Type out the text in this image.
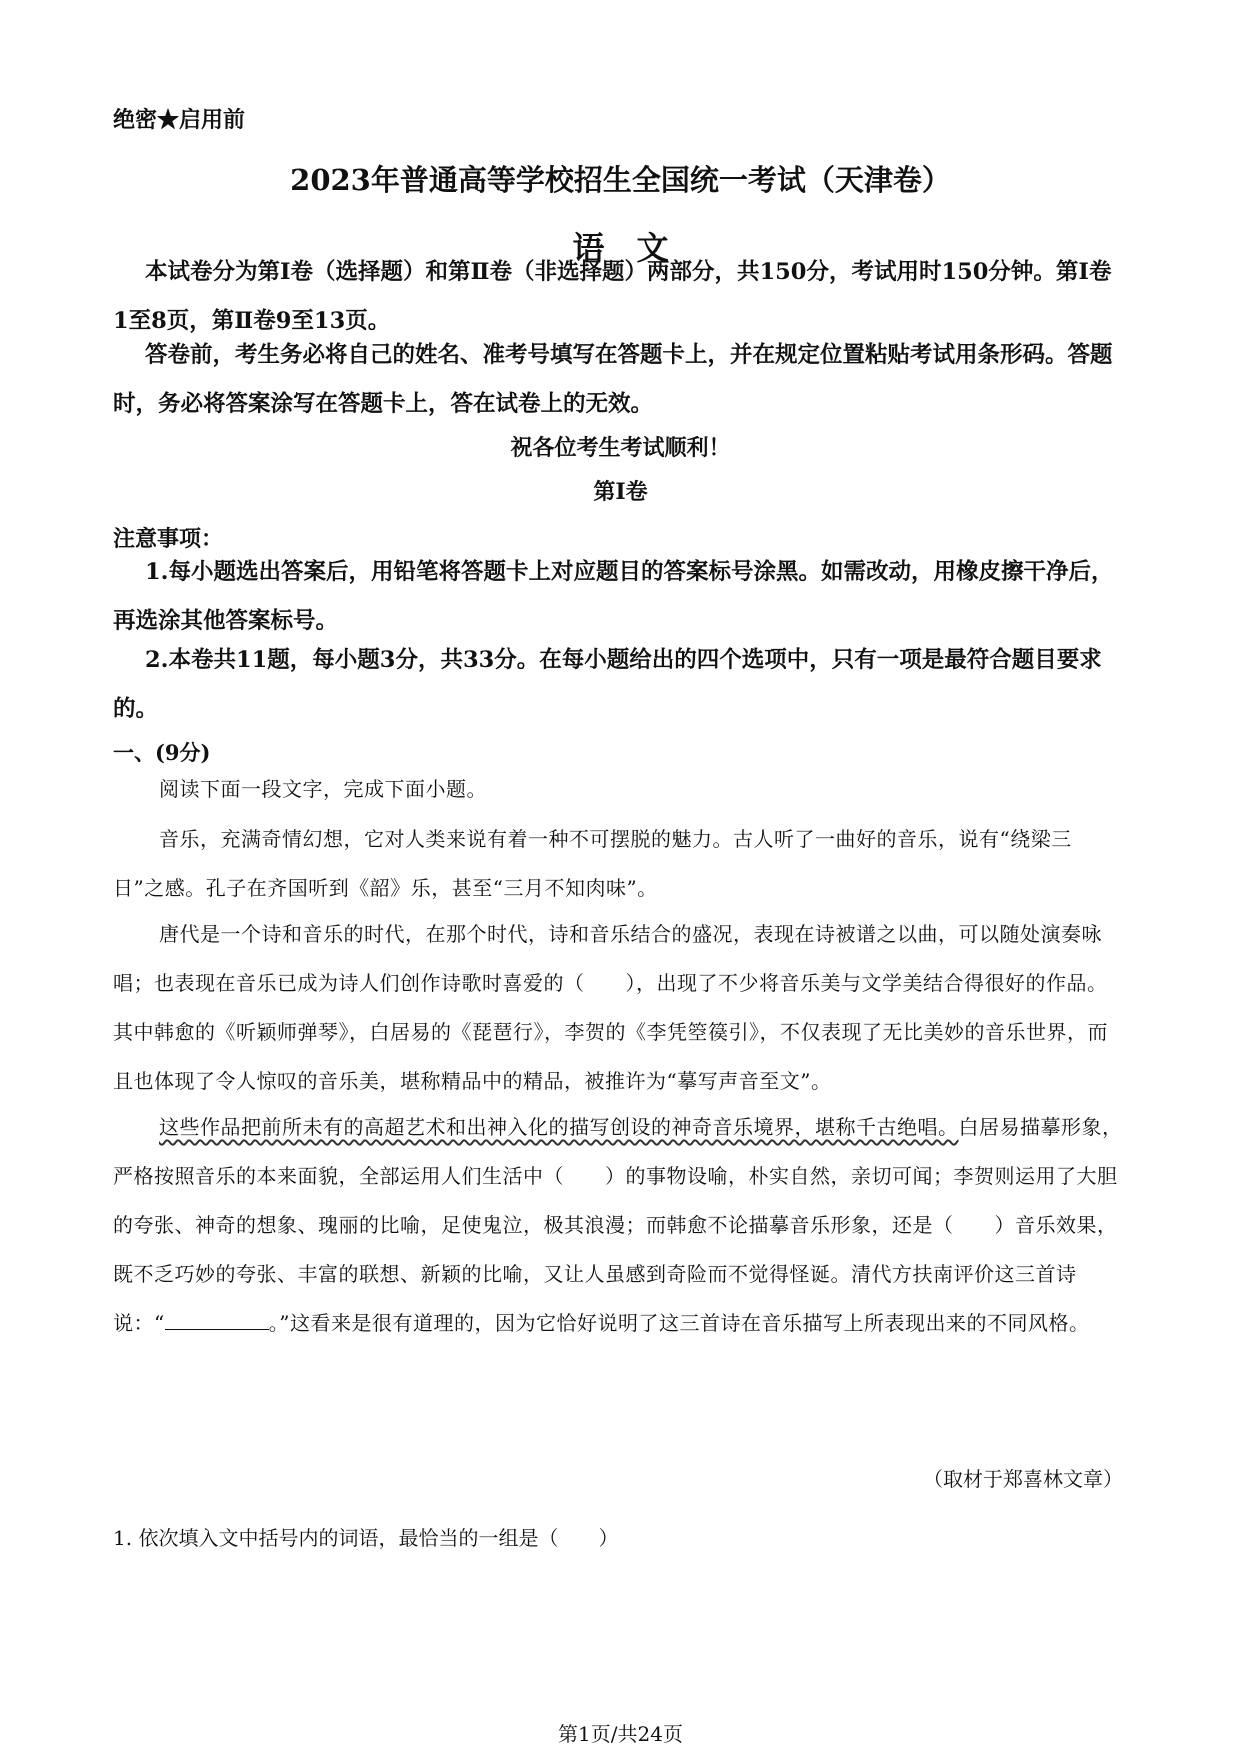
绝密★启用前
2023年普通高等学校招生全国统一考试（天津卷）
语　文
本试卷分为第Ⅰ卷（选择题）和第Ⅱ卷（非选择题）两部分，共150分，考试用时150分钟。第Ⅰ卷1至8页，第Ⅱ卷9至13页。
答卷前，考生务必将自己的姓名、准考号填写在答题卡上，并在规定位置粘贴考试用条形码。答题时，务必将答案涂写在答题卡上，答在试卷上的无效。
祝各位考生考试顺利！
第Ⅰ卷
注意事项：
1.每小题选出答案后，用铅笔将答题卡上对应题目的答案标号涂黑。如需改动，用橡皮擦干净后，再选涂其他答案标号。
2.本卷共11题，每小题3分，共33分。在每小题给出的四个选项中，只有一项是最符合题目要求的。
一、(9分)
阅读下面一段文字，完成下面小题。
音乐，充满奇情幻想，它对人类来说有着一种不可摆脱的魅力。古人听了一曲好的音乐，说有“绕梁三日”之感。孔子在齐国听到《韶》乐，甚至“三月不知肉味”。
唐代是一个诗和音乐的时代，在那个时代，诗和音乐结合的盛况，表现在诗被谱之以曲，可以随处演奏咏唱；也表现在音乐已成为诗人们创作诗歌时喜爱的（　　），出现了不少将音乐美与文学美结合得很好的作品。其中韩愈的《听颖师弹琴》，白居易的《琵琶行》，李贺的《李凭箜篌引》，不仅表现了无比美妙的音乐世界，而且也体现了令人惊叹的音乐美，堪称精品中的精品，被推许为“摹写声音至文”。
这些作品把前所未有的高超艺术和出神入化的描写创设的神奇音乐境界，堪称千古绝唱。白居易描摹形象，严格按照音乐的本来面貌，全部运用人们生活中（　　）的事物设喻，朴实自然，亲切可闻；李贺则运用了大胆的夸张、神奇的想象、瑰丽的比喻，足使鬼泣，极其浪漫；而韩愈不论描摹音乐形象，还是（　　）音乐效果，既不乏巧妙的夸张、丰富的联想、新颖的比喻，又让人虽感到奇险而不觉得怪诞。清代方扶南评价这三首诗说：“	。”这看来是很有道理的，因为它恰好说明了这三首诗在音乐描写上所表现出来的不同风格。
（取材于郑喜林文章）
1. 依次填入文中括号内的词语，最恰当的一组是（　　）
第1页/共24页
